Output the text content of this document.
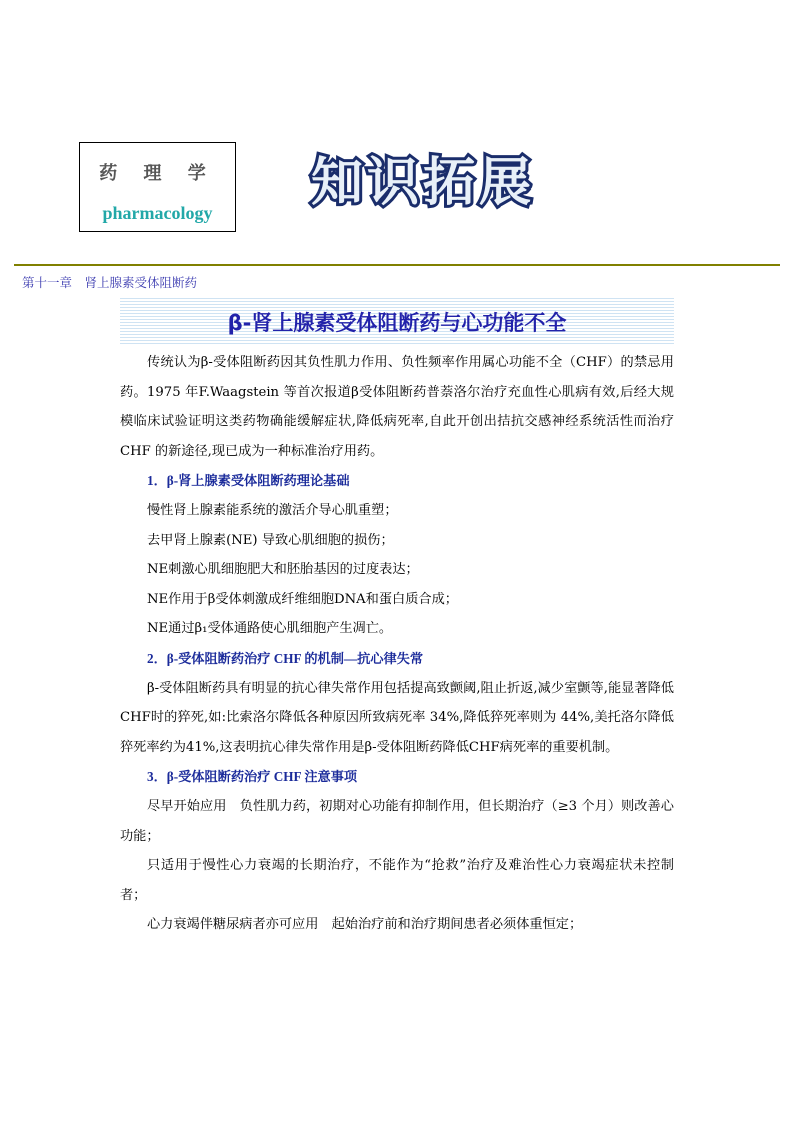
药 理 学
pharmacology	知识拓展
第十一章　肾上腺素受体阻断药
β-肾上腺素受体阻断药与心功能不全

传统认为β-受体阻断药因其负性肌力作用、负性频率作用属心功能不全（CHF）的禁忌用药。1975 年F.Waagstein 等首次报道β受体阻断药普萘洛尔治疗充血性心肌病有效,后经大规模临床试验证明这类药物确能缓解症状,降低病死率,自此开创出拮抗交感神经系统活性而治疗CHF 的新途径,现已成为一种标准治疗用药。

1．β-肾上腺素受体阻断药理论基础

慢性肾上腺素能系统的激活介导心肌重塑；

去甲肾上腺素(NE) 导致心肌细胞的损伤；

NE刺激心肌细胞肥大和胚胎基因的过度表达；

NE作用于β受体刺激成纤维细胞DNA和蛋白质合成；

NE通过β₁受体通路使心肌细胞产生凋亡。

2．β-受体阻断药治疗 CHF 的机制—抗心律失常

β-受体阻断药具有明显的抗心律失常作用包括提高致颤阈,阻止折返,减少室颤等,能显著降低CHF时的猝死,如:比索洛尔降低各种原因所致病死率 34%,降低猝死率则为 44%,美托洛尔降低猝死率约为41%,这表明抗心律失常作用是β-受体阻断药降低CHF病死率的重要机制。

3．β-受体阻断药治疗 CHF 注意事项

尽早开始应用　负性肌力药，初期对心功能有抑制作用，但长期治疗（≥3 个月）则改善心功能；

只适用于慢性心力衰竭的长期治疗，不能作为“抢救”治疗及难治性心力衰竭症状未控制者；

心力衰竭伴糖尿病者亦可应用　起始治疗前和治疗期间患者必须体重恒定；
